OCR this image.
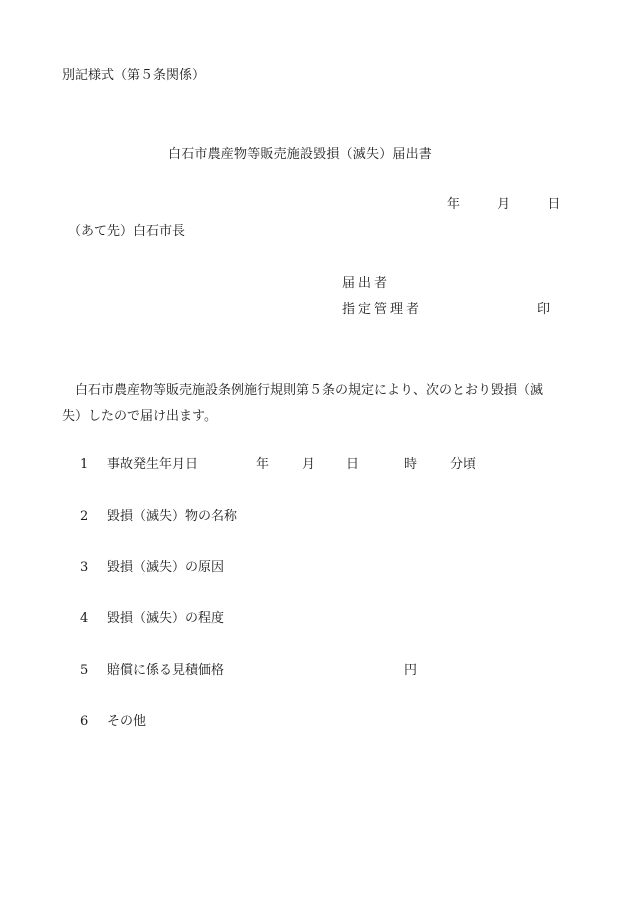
別記様式（第５条関係）
白石市農産物等販売施設毀損（滅失）届出書
年	月	日
（あて先）白石市長
届出者
指定管理者	印
白石市農産物等販売施設条例施行規則第５条の規定により、次のとおり毀損（滅失）したので届け出ます。
1 事故発生年月日	年	月 日	時	分頃
2 毀損（滅失）物の名称
3 毀損（滅失）の原因
4 毀損（滅失）の程度
5 賠償に係る見積価格	円
6 その他
